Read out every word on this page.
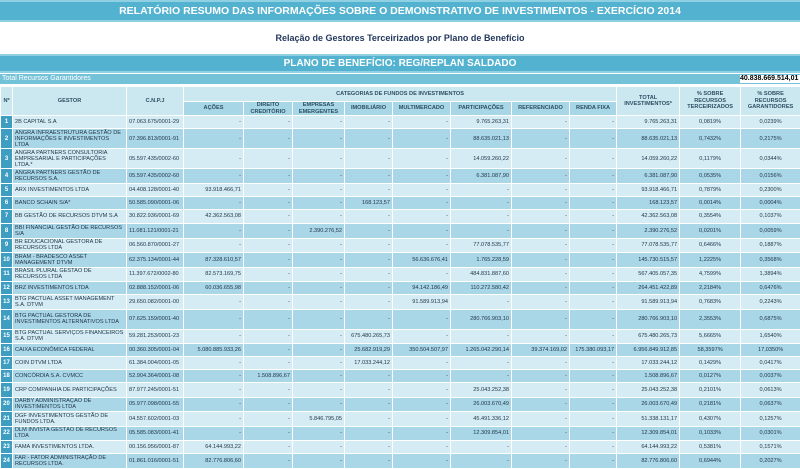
RELATÓRIO RESUMO DAS INFORMAÇÕES SOBRE O DEMONSTRATIVO DE INVESTIMENTOS - EXERCÍCIO 2014
Relação de Gestores Terceirizados por Plano de Benefício
PLANO DE BENEFÍCIO: REG/REPLAN SALDADO
Total Recursos Garantidores	40.838.669.514,01
Nº	GESTOR	C.N.P.J	CATEGORIAS DE FUNDOS DE INVESTIMENTOS								TOTAL INVESTIMENTOS*	% SOBRE RECURSOS TERCEIRIZADOS	% SOBRE RECURSOS GARANTIDORES
			AÇÕES	DIREITO CREDITÓRIO	EMPRESAS EMERGENTES	IMOBILIÁRIO	MULTIMERCADO	PARTICIPAÇÕES	REFERENCIADO	RENDA FIXA			
1	2B CAPITAL S.A	07.063.675/0001-29	-	-	-	-	-	9.765.263,31	-	-	9.765.263,31	0,0819%	0,0239%
2	ANGRA INFRAESTRUTURA GESTÃO DE INFORMAÇÕES E INVESTIMENTOS LTDA	07.396.813/0001-91	-	-	-	-	-	88.635.021,13	-	-	88.635.021,13	0,7432%	0,2175%
3	ANGRA PARTNERS CONSULTORIA EMPRESARIAL E PARTICIPAÇÕES LTDA.*	05.597.435/0002-60	-	-	-	-	-	14.059.260,22	-	-	14.059.260,22	0,1179%	0,0344%
4	ANGRA PARTNERS GESTÃO DE RECURSOS S.A.	05.597.435/0002-60	-	-	-	-	-	6.381.087,90	-	-	6.381.087,90	0,0535%	0,0156%
5	ARX INVESTIMENTOS LTDA	04.408.128/0001-40	93.918.466,71	-	-	-	-	-	-	-	93.918.466,71	0,7879%	0,2300%
6	BANCO SCHAIN S/A*	50.585.090/0001-06	-	-	-	168.123,57	-	-	-	-	168.123,57	0,0014%	0,0004%
7	BB GESTÃO DE RECURSOS DTVM S.A	30.822.936/0001-69	42.362.563,08	-	-	-	-	-	-	-	42.362.563,08	0,3554%	0,1037%
8	BBI FINANCIAL GESTÃO DE RECURSOS S/A	11.081.121/0001-21	-	-	2.390.276,52	-	-	-	-	-	2.390.276,52	0,0201%	0,0059%
9	BR EDUCACIONAL GESTORA DE RECURSOS LTDA	06.560.870/0001-27	-	-	-	-	-	77.078.535,77	-	-	77.078.535,77	0,6466%	0,1887%
10	BRAM - BRADESCO ASSET MANAGEMENT DTVM	62.375.134/0001-44	87.328.610,57	-	-	-	56.636.676,41	1.765.228,59	-	-	145.730.515,57	1,2225%	0,3568%
11	BRASIL PLURAL GESTAO DE RECURSOS LTDA	11.397.672/0002-80	82.573.169,75	-	-	-	-	484.831.887,60	-	-	567.405.057,35	4,7599%	1,3894%
12	BRZ INVESTIMENTOS LTDA	02.888.152/0001-06	60.036.655,98	-	-	-	94.142.186,49	110.272.580,42	-	-	264.451.422,89	2,2184%	0,6476%
13	BTG PACTUAL ASSET MANAGEMENT S.A. DTVM	29.650.082/0001-00	-	-	-	-	91.589.913,94	-	-	-	91.589.913,94	0,7683%	0,2243%
14	BTG PACTUAL GESTORA DE INVESTIMENTOS ALTERNATIVOS LTDA	07.625.159/0001-40	-	-	-	-	-	280.766.903,10	-	-	280.766.903,10	2,3553%	0,6875%
15	BTG PACTUAL SERVIÇOS FINANCEIROS S.A. DTVM	59.281.253/0001-23	-	-	-	675.480.265,73	-	-	-	-	675.480.265,73	5,6665%	1,6540%
16	CAIXA ECONÔMICA FEDERAL	00.360.305/0001-04	5.080.885.933,26	-	-	25.682.919,29	350.504.507,97	1.265.042.290,14	39.374.169,02	175.380.093,17	6.956.849.912,85	58,3597%	17,0350%
17	COIN DTVM LTDA	61.384.004/0001-05	-	-	-	17.033.244,12	-	-	-	-	17.033.244,12	0,1429%	0,0417%
18	CONCÓRDIA S.A. CVMCC	52.904.364/0001-08	-	1.508.896,67	-	-	-	-	-	-	1.508.896,67	0,0127%	0,0037%
19	CRP COMPANHIA DE PARTICIPAÇÕES	87.977.245/0001-51	-	-	-	-	-	25.043.252,38	-	-	25.043.252,38	0,2101%	0,0613%
20	DARBY ADMINISTRAÇÃO DE INVESTIMENTOS LTDA	05.977.098/0001-55	-	-	-	-	-	26.003.670,49	-	-	26.003.670,49	0,2181%	0,0637%
21	DGF INVESTIMENTOS GESTÃO DE FUNDOS LTDA.	04.557.602/0001-03	-	-	5.846.795,05	-	-	45.491.336,12	-	-	51.338.131,17	0,4307%	0,1257%
22	DLM INVISTA GESTÃO DE RECURSOS LTDA	05.585.083/0001-41	-	-	-	-	-	12.309.854,01	-	-	12.309.854,01	0,1033%	0,0301%
23	FAMA INVESTIMENTOS LTDA.	00.156.956/0001-87	64.144.993,22	-	-	-	-	-	-	-	64.144.993,22	0,5381%	0,1571%
24	FAR - FATOR ADMINISTRAÇÃO DE RECURSOS LTDA.	01.861.016/0001-51	82.776.806,60	-	-	-	-	-	-	-	82.776.806,60	0,6944%	0,2027%
